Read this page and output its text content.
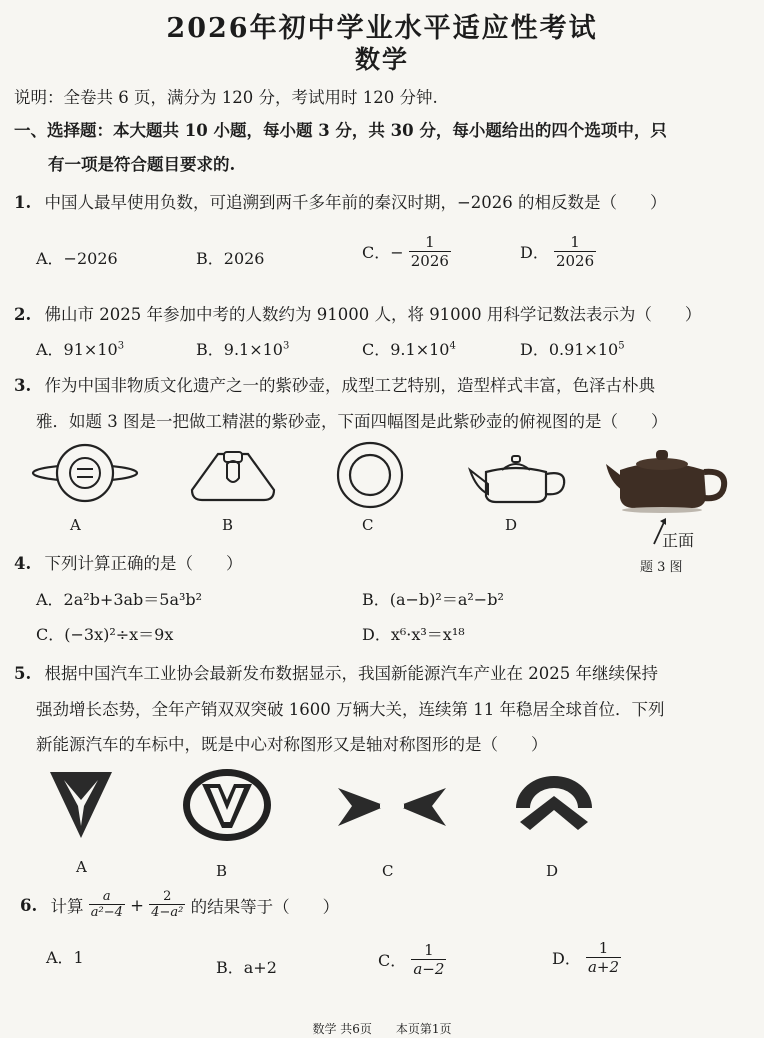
2026年初中学业水平适应性考试
数学
说明：全卷共 6 页，满分为 120 分，考试用时 120 分钟.
一、选择题：本大题共 10 小题，每小题 3 分，共 30 分，每小题给出的四个选项中，只
有一项是符合题目要求的.
1. 中国人最早使用负数，可追溯到两千多年前的秦汉时期，−2026 的相反数是（　　）
A．−2026	B．2026	C．− $\frac{1}{2026}$	D． $\frac{1}{2026}$
2. 佛山市 2025 年参加中考的人数约为 91000 人，将 91000 用科学记数法表示为（　　）
A．$91\times 10^3$	B．$9.1\times 10^3$	C．$9.1\times 10^4$	D．$0.91\times 10^5$
3. 作为中国非物质文化遗产之一的紫砂壶，成型工艺特别，造型样式丰富，色泽古朴典
雅．如题 3 图是一把做工精湛的紫砂壶，下面四幅图是此紫砂壶的俯视图的是（　　）
A	B	C	D
正面
题 3 图
4. 下列计算正确的是（　　）
A．2a²b+3ab＝5a³b²	B．(a−b)²＝a²−b²
C．(−3x)²÷x＝9x	D．x⁶·x³＝x¹⁸
5. 根据中国汽车工业协会最新发布数据显示，我国新能源汽车产业在 2025 年继续保持
强劲增长态势，全年产销双双突破 1600 万辆大关，连续第 11 年稳居全球首位．下列
新能源汽车的车标中，既是中心对称图形又是轴对称图形的是（　　）
A	B	C	D
6. 计算 $\frac{a}{\text{a²−4}} + \frac{2}{\text{4−a²}}$ 的结果等于（　　）
A．1
B．a+2	C． $\frac{1}{a-2}$	D． $\frac{1}{a+2}$
数学 共6页　　本页第1页
